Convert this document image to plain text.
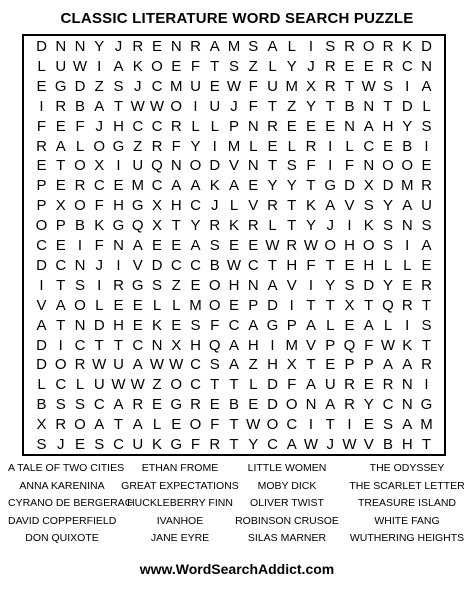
CLASSIC LITERATURE WORD SEARCH PUZZLE
D N N Y J R E N R A M S A L I S R O R K D
L U W I A K O E F T S Z L Y J R E E R C N
E G D Z S J C M U E W F U M X R T W S I A
I R B A T W W O I U J F T Z Y T B N T D L
F E F J H C C R L L P N R E E E N A H Y S
R A L O G Z R F Y I M L E L R I L C E B I
E T O X I U Q N O D V N T S F I F N O O E
P E R C E M C A A K A E Y Y T G D X D M R
P X O F H G X H C J L V R T K A V S Y A U
O P B K G Q X T Y R K R L T Y J I K S N S
C E I F N A E E A S E E W R W O H O S I A
D C N J I V D C C B W C T H F T E H L L E
I T S I R G S Z E O H N A V I Y S D Y E R
V A O L E E L L M O E P D I T T X T Q R T
A T N D H E K E S F C A G P A L E A L I S
D I C T T C N X H Q A H I M V P Q F W K T
D O R W U A W W C S A Z H X T E P P A A R
L C L U W W Z O C T T L D F A U R E R N I
B S S C A R E G R E B E D O N A R Y C N G
X R O A T A L E O F T W O C I T I E S A M
S J E S C U K G F R T Y C A W J W V B H T
A TALE OF TWO CITIES
ANNA KARENINA
CYRANO DE BERGERAC
DAVID COPPERFIELD
DON QUIXOTE
ETHAN FROME
GREAT EXPECTATIONS
HUCKLEBERRY FINN
IVANHOE
JANE EYRE
LITTLE WOMEN
MOBY DICK
OLIVER TWIST
ROBINSON CRUSOE
SILAS MARNER
THE ODYSSEY
THE SCARLET LETTER
TREASURE ISLAND
WHITE FANG
WUTHERING HEIGHTS
www.WordSearchAddict.com
